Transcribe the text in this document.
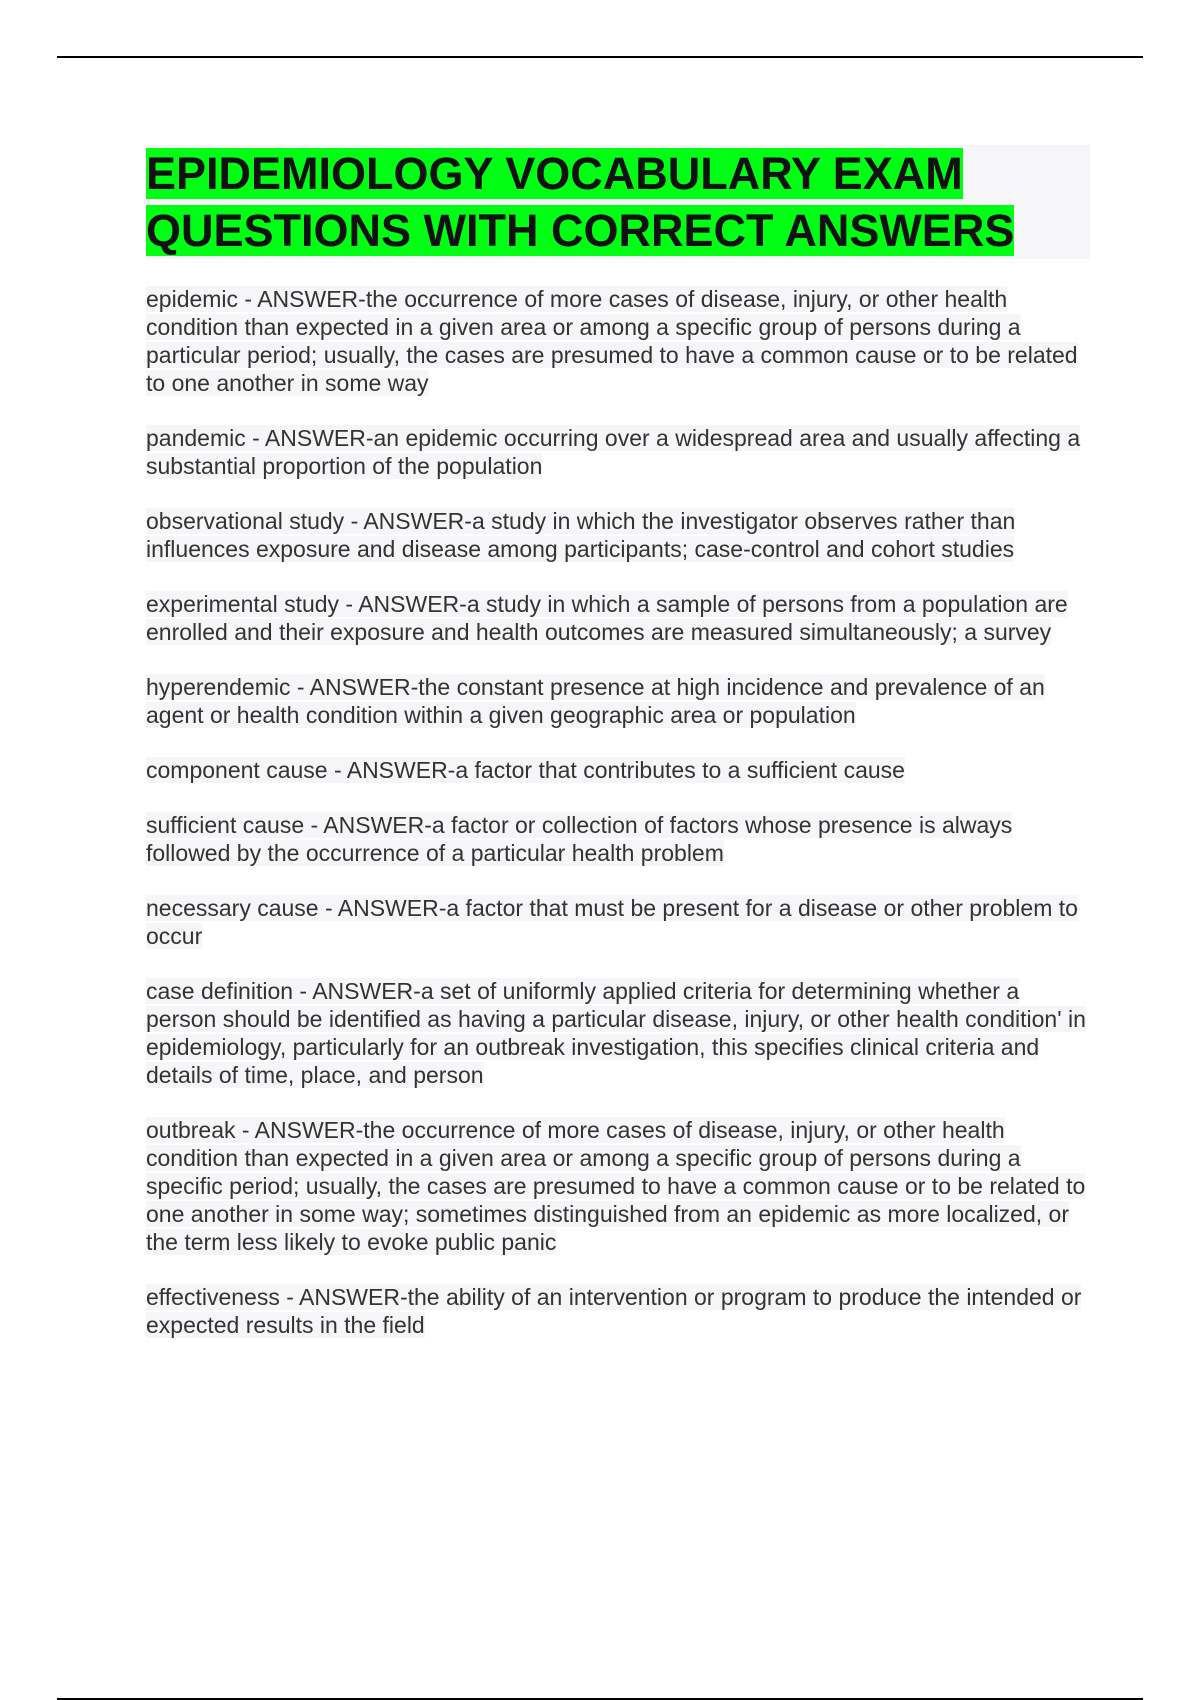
EPIDEMIOLOGY VOCABULARY EXAM
QUESTIONS WITH CORRECT ANSWERS

epidemic - ANSWER-the occurrence of more cases of disease, injury, or other health condition than expected in a given area or among a specific group of persons during a particular period; usually, the cases are presumed to have a common cause or to be related to one another in some way

pandemic - ANSWER-an epidemic occurring over a widespread area and usually affecting a substantial proportion of the population

observational study - ANSWER-a study in which the investigator observes rather than influences exposure and disease among participants; case-control and cohort studies

experimental study - ANSWER-a study in which a sample of persons from a population are enrolled and their exposure and health outcomes are measured simultaneously; a survey

hyperendemic - ANSWER-the constant presence at high incidence and prevalence of an agent or health condition within a given geographic area or population

component cause - ANSWER-a factor that contributes to a sufficient cause

sufficient cause - ANSWER-a factor or collection of factors whose presence is always followed by the occurrence of a particular health problem

necessary cause - ANSWER-a factor that must be present for a disease or other problem to occur

case definition - ANSWER-a set of uniformly applied criteria for determining whether a person should be identified as having a particular disease, injury, or other health condition' in epidemiology, particularly for an outbreak investigation, this specifies clinical criteria and details of time, place, and person

outbreak - ANSWER-the occurrence of more cases of disease, injury, or other health condition than expected in a given area or among a specific group of persons during a specific period; usually, the cases are presumed to have a common cause or to be related to one another in some way; sometimes distinguished from an epidemic as more localized, or the term less likely to evoke public panic

effectiveness - ANSWER-the ability of an intervention or program to produce the intended or expected results in the field
